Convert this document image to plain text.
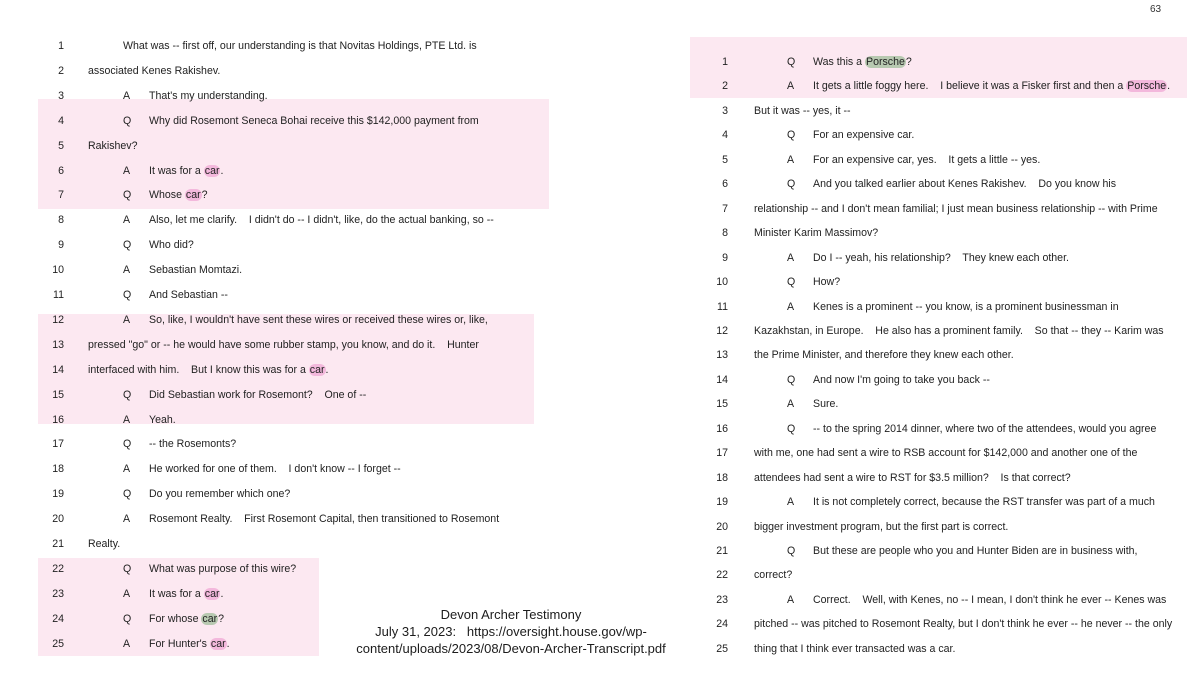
63
1	What was -- first off, our understanding is that Novitas Holdings, PTE Ltd. is
2 associated Kenes Rakishev.
3	A That's my understanding.
4	Q Why did Rosemont Seneca Bohai receive this $142,000 payment from
5 Rakishev?
6	A It was for a car.
7	Q Whose car?
8	A Also, let me clarify.    I didn't do -- I didn't, like, do the actual banking, so --
9	Q Who did?
10	A Sebastian Momtazi.
11	Q And Sebastian --
12	A So, like, I wouldn't have sent these wires or received these wires or, like,
13 pressed "go" or -- he would have some rubber stamp, you know, and do it.    Hunter
14 interfaced with him.    But I know this was for a car.
15	Q Did Sebastian work for Rosemont?    One of --
16	A Yeah.
17	Q -- the Rosemonts?
18	A He worked for one of them.    I don't know -- I forget --
19	Q Do you remember which one?
20	A Rosemont Realty.    First Rosemont Capital, then transitioned to Rosemont
21 Realty.
22	Q What was purpose of this wire?
23	A It was for a car.
24	Q For whose car?
25	A For Hunter's car.
1	Q Was this a Porsche?
2	A It gets a little foggy here.    I believe it was a Fisker first and then a Porsche.
3 But it was -- yes, it --
4	Q For an expensive car.
5	A For an expensive car, yes.    It gets a little -- yes.
6	Q And you talked earlier about Kenes Rakishev.    Do you know his
7 relationship -- and I don't mean familial; I just mean business relationship -- with Prime
8 Minister Karim Massimov?
9	A Do I -- yeah, his relationship?    They knew each other.
10	Q How?
11	A Kenes is a prominent -- you know, is a prominent businessman in
12 Kazakhstan, in Europe.    He also has a prominent family.    So that -- they -- Karim was
13 the Prime Minister, and therefore they knew each other.
14	Q And now I'm going to take you back --
15	A Sure.
16	Q -- to the spring 2014 dinner, where two of the attendees, would you agree
17 with me, one had sent a wire to RSB account for $142,000 and another one of the
18 attendees had sent a wire to RST for $3.5 million?    Is that correct?
19	A It is not completely correct, because the RST transfer was part of a much
20 bigger investment program, but the first part is correct.
21	Q But these are people who you and Hunter Biden are in business with,
22 correct?
23	A Correct.    Well, with Kenes, no -- I mean, I don't think he ever -- Kenes was
24 pitched -- was pitched to Rosemont Realty, but I don't think he ever -- he never -- the only
25 thing that I think ever transacted was a car.
Devon Archer Testimony
July 31, 2023:   https://oversight.house.gov/wp-
content/uploads/2023/08/Devon-Archer-Transcript.pdf
